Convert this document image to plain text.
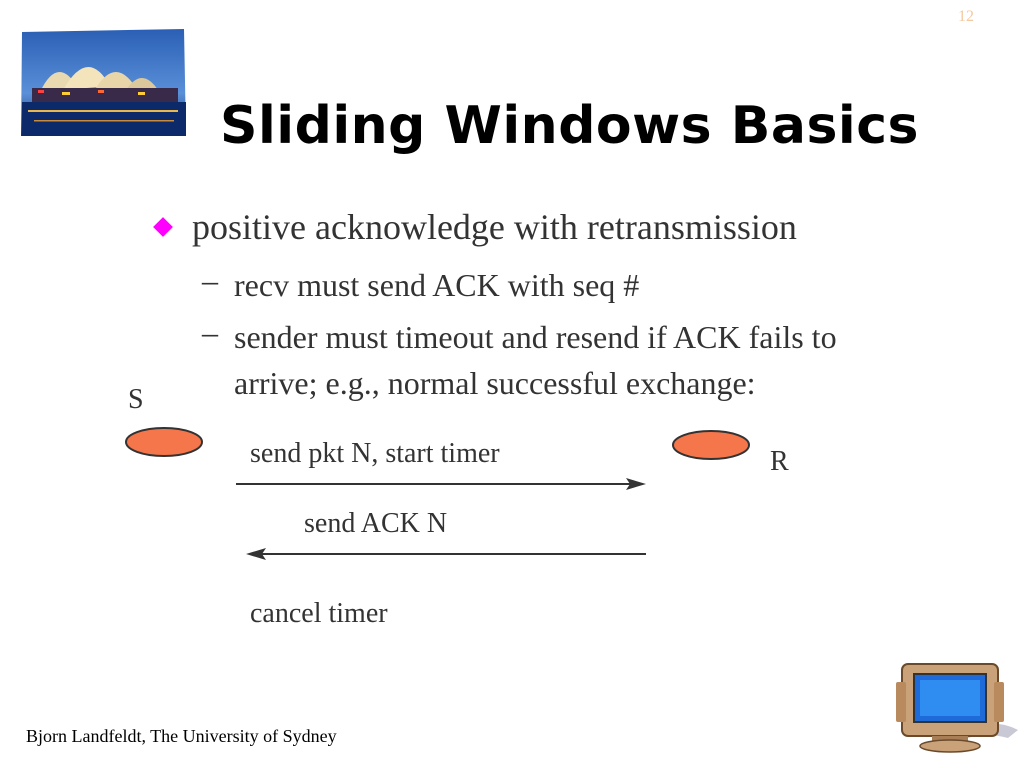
12
Sliding Windows Basics
positive acknowledge with retransmission
– recv must send ACK with seq #
– sender must timeout and resend if ACK fails to
arrive; e.g., normal successful exchange:
S
R
send pkt N, start timer
send ACK N
cancel timer
Bjorn Landfeldt, The University of Sydney
